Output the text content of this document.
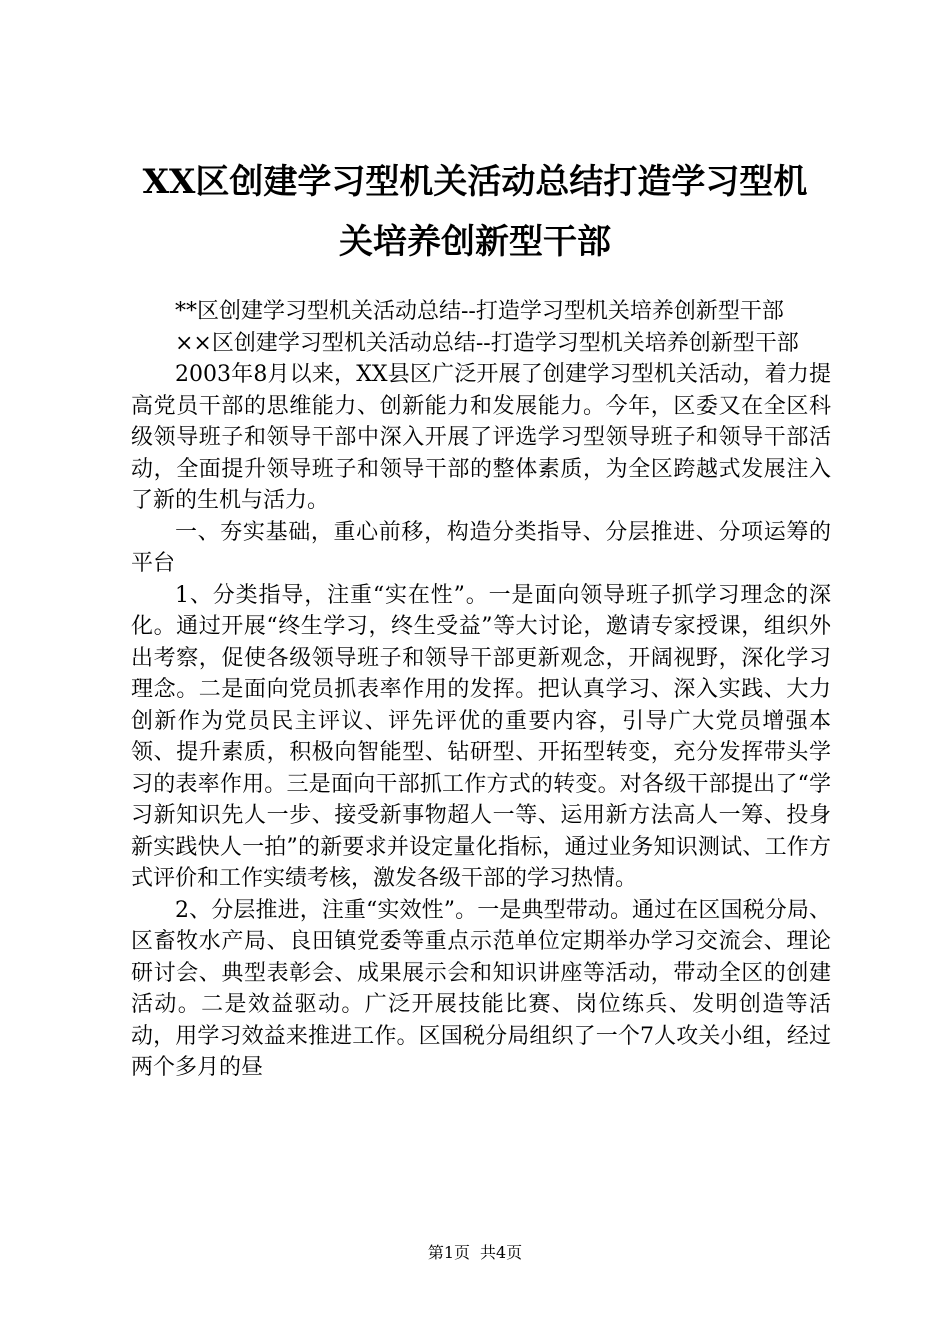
XX区创建学习型机关活动总结打造学习型机
关培养创新型干部

**区创建学习型机关活动总结--打造学习型机关培养创新型干部

××区创建学习型机关活动总结--打造学习型机关培养创新型干部

2003年8月以来，XX县区广泛开展了创建学习型机关活动，着力提高党员干部的思维能力、创新能力和发展能力。今年，区委又在全区科级领导班子和领导干部中深入开展了评选学习型领导班子和领导干部活动，全面提升领导班子和领导干部的整体素质，为全区跨越式发展注入了新的生机与活力。

一、夯实基础，重心前移，构造分类指导、分层推进、分项运筹的平台

1、分类指导，注重“实在性”。一是面向领导班子抓学习理念的深化。通过开展“终生学习，终生受益”等大讨论，邀请专家授课，组织外出考察，促使各级领导班子和领导干部更新观念，开阔视野，深化学习理念。二是面向党员抓表率作用的发挥。把认真学习、深入实践、大力创新作为党员民主评议、评先评优的重要内容，引导广大党员增强本领、提升素质，积极向智能型、钻研型、开拓型转变，充分发挥带头学习的表率作用。三是面向干部抓工作方式的转变。对各级干部提出了“学习新知识先人一步、接受新事物超人一等、运用新方法高人一筹、投身新实践快人一拍”的新要求并设定量化指标，通过业务知识测试、工作方式评价和工作实绩考核，激发各级干部的学习热情。

2、分层推进，注重“实效性”。一是典型带动。通过在区国税分局、区畜牧水产局、良田镇党委等重点示范单位定期举办学习交流会、理论研讨会、典型表彰会、成果展示会和知识讲座等活动，带动全区的创建活动。二是效益驱动。广泛开展技能比赛、岗位练兵、发明创造等活动，用学习效益来推进工作。区国税分局组织了一个7人攻关小组，经过两个多月的昼

第1页 共4页
